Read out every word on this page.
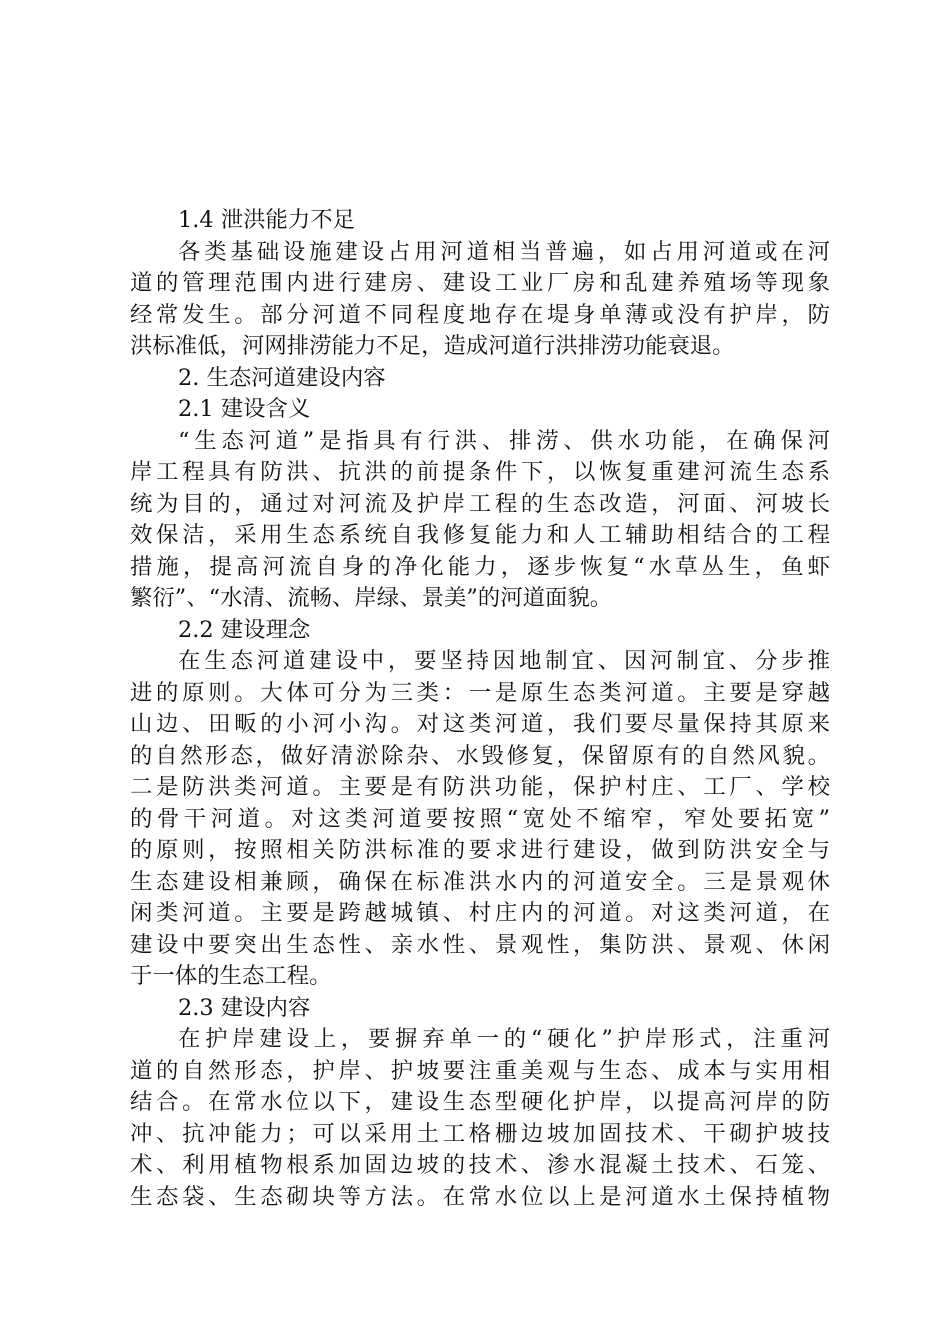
1.4 泄洪能力不足
各类基础设施建设占用河道相当普遍，如占用河道或在河
道的管理范围内进行建房、建设工业厂房和乱建养殖场等现象
经常发生。部分河道不同程度地存在堤身单薄或没有护岸，防
洪标准低，河网排涝能力不足，造成河道行洪排涝功能衰退。
2. 生态河道建设内容
2.1 建设含义
“生态河道”是指具有行洪、排涝、供水功能，在确保河
岸工程具有防洪、抗洪的前提条件下，以恢复重建河流生态系
统为目的，通过对河流及护岸工程的生态改造，河面、河坡长
效保洁，采用生态系统自我修复能力和人工辅助相结合的工程
措施，提高河流自身的净化能力，逐步恢复“水草丛生，鱼虾
繁衍”、“水清、流畅、岸绿、景美”的河道面貌。
2.2 建设理念
在生态河道建设中，要坚持因地制宜、因河制宜、分步推
进的原则。大体可分为三类：一是原生态类河道。主要是穿越
山边、田畈的小河小沟。对这类河道，我们要尽量保持其原来
的自然形态，做好清淤除杂、水毁修复，保留原有的自然风貌。
二是防洪类河道。主要是有防洪功能，保护村庄、工厂、学校
的骨干河道。对这类河道要按照“宽处不缩窄，窄处要拓宽”
的原则，按照相关防洪标准的要求进行建设，做到防洪安全与
生态建设相兼顾，确保在标准洪水内的河道安全。三是景观休
闲类河道。主要是跨越城镇、村庄内的河道。对这类河道，在
建设中要突出生态性、亲水性、景观性，集防洪、景观、休闲
于一体的生态工程。
2.3 建设内容
在护岸建设上，要摒弃单一的“硬化”护岸形式，注重河
道的自然形态，护岸、护坡要注重美观与生态、成本与实用相
结合。在常水位以下，建设生态型硬化护岸，以提高河岸的防
冲、抗冲能力；可以采用土工格栅边坡加固技术、干砌护坡技
术、利用植物根系加固边坡的技术、渗水混凝土技术、石笼、
生态袋、生态砌块等方法。在常水位以上是河道水土保持植物
